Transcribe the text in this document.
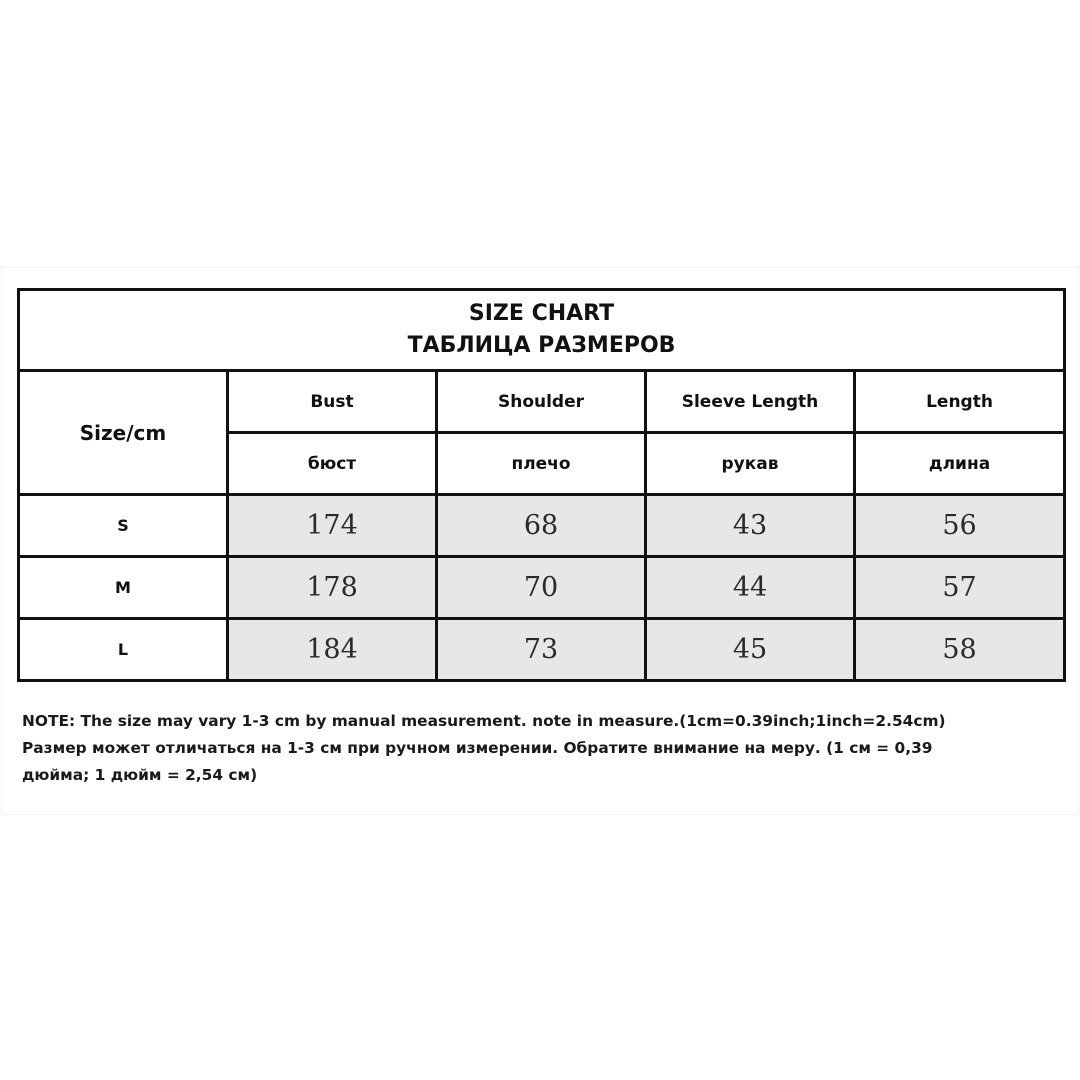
SIZE CHART
ТАБЛИЦА РАЗМЕРОВ				

Size/cm	Bust	Shoulder	Sleeve Length	Length
	бюст	плечо	рукав	длина
S	174	68	43	56
M	178	70	44	57
L	184	73	45	58
NOTE: The size may vary 1-3 cm by manual measurement. note in measure.(1cm=0.39inch;1inch=2.54cm)
Размер может отличаться на 1-3 см при ручном измерении. Обратите внимание на меру. (1 см = 0,39
дюйма; 1 дюйм = 2,54 см)
